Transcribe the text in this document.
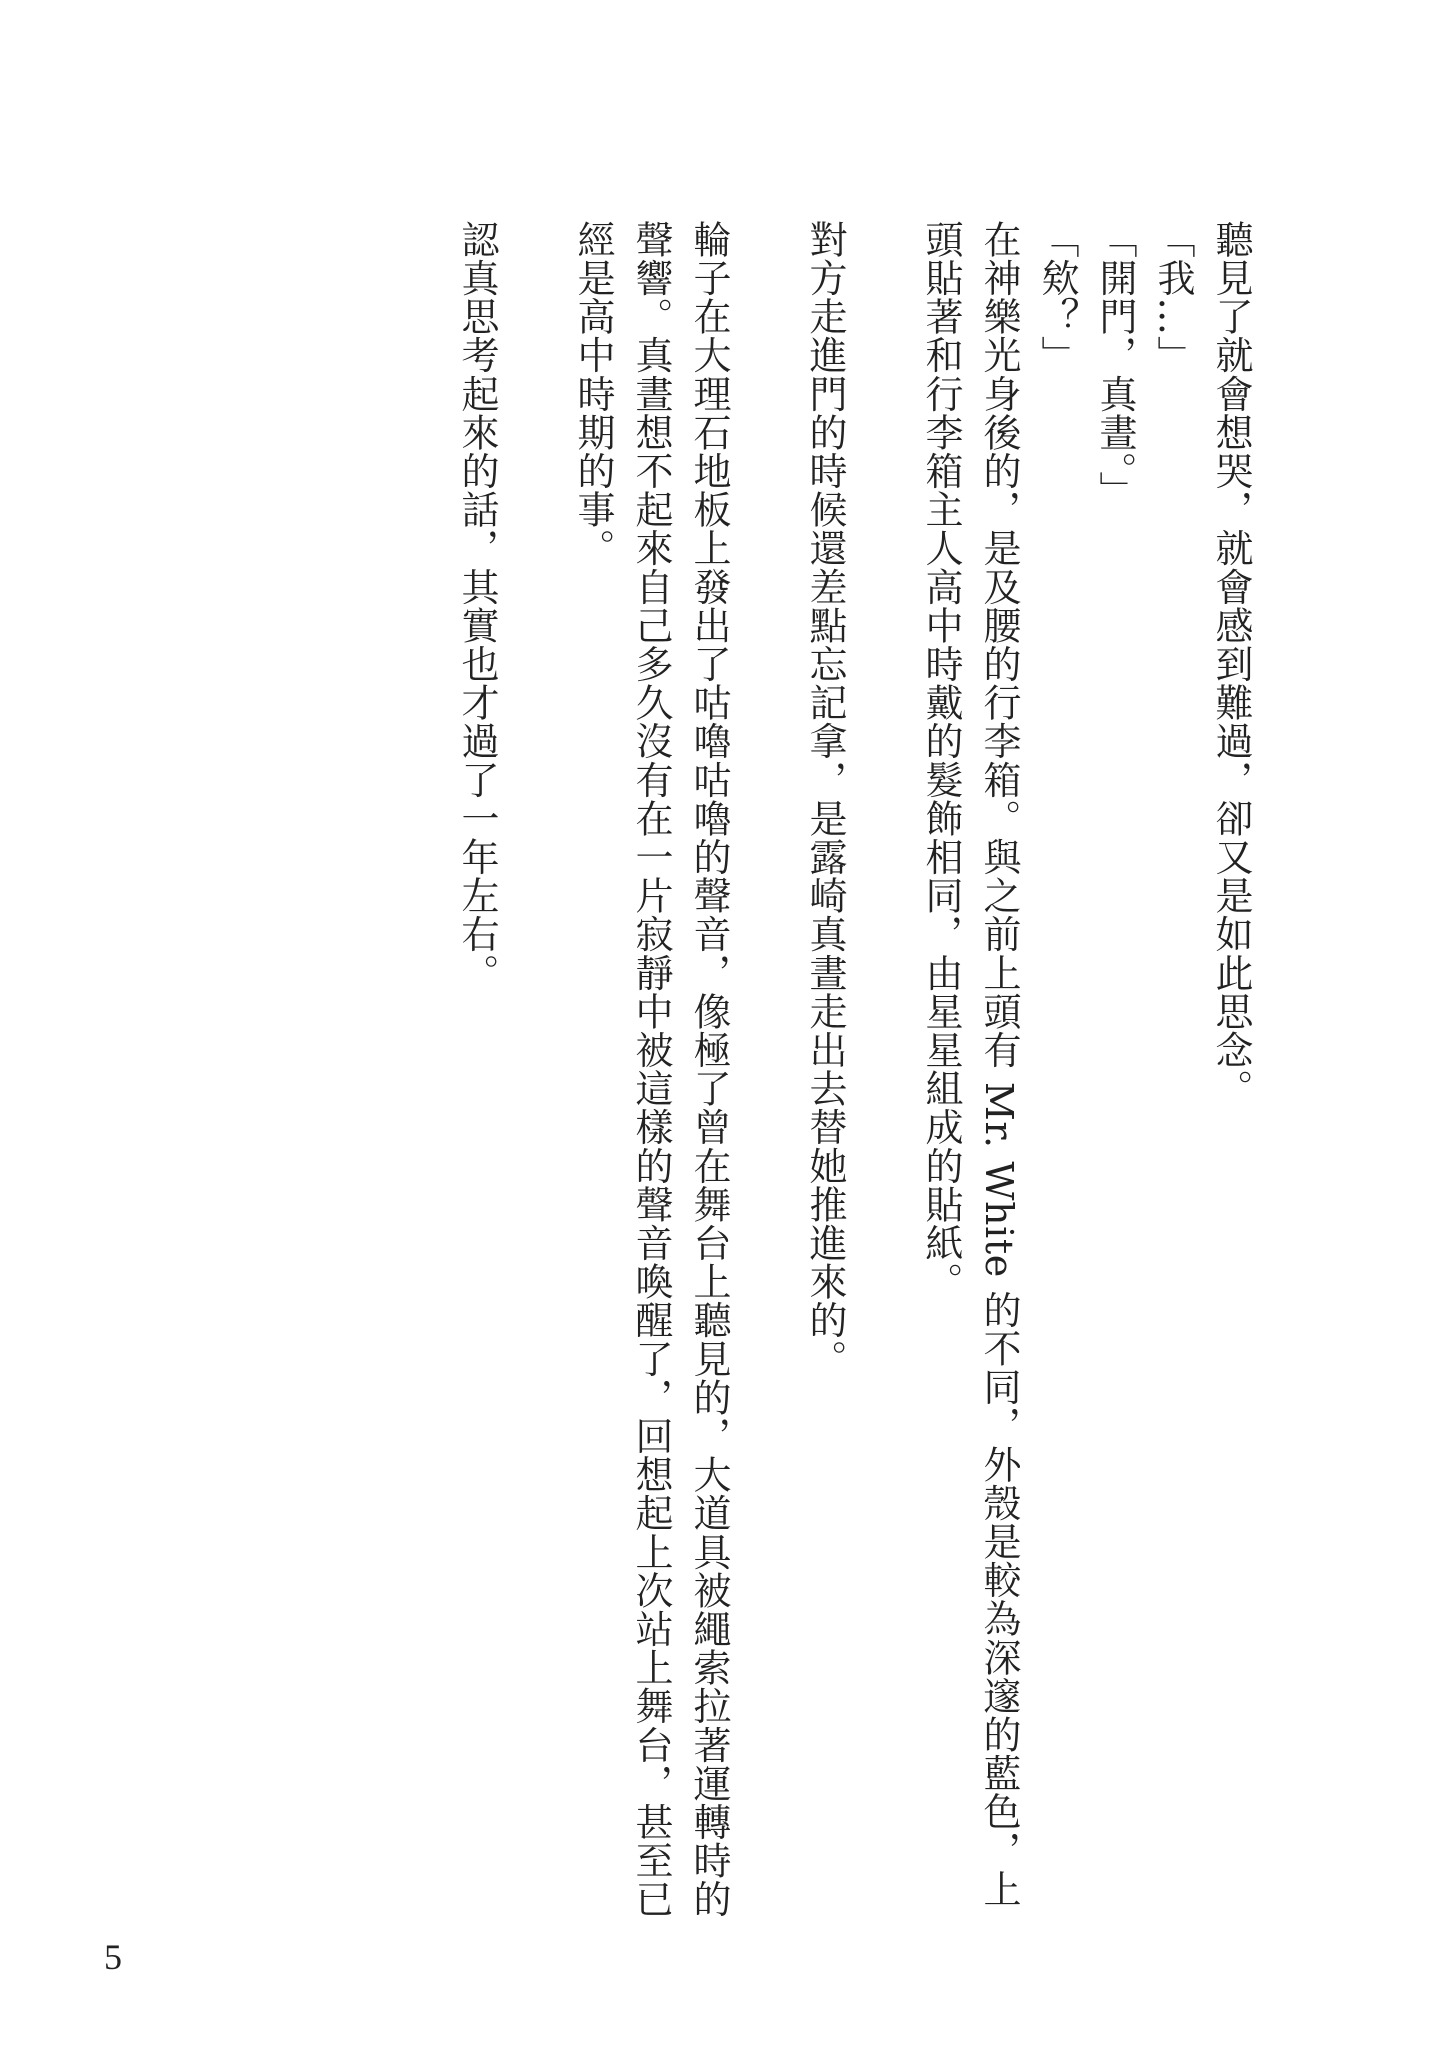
聽見了就會想哭，就會感到難過，卻又是如此思念。

「我…」

「開門，真晝。」

「欸？」

在神樂光身後的，是及腰的行李箱。與之前上頭有 Mr. White 的不同，外殼是較為深邃的藍色，上頭貼著和行李箱主人高中時戴的髮飾相同，由星星組成的貼紙。

對方走進門的時候還差點忘記拿，是露崎真晝走出去替她推進來的。

輪子在大理石地板上發出了咕嚕咕嚕的聲音，像極了曾在舞台上聽見的，大道具被繩索拉著運轉時的聲響。真晝想不起來自己多久沒有在一片寂靜中被這樣的聲音喚醒了，回想起上次站上舞台，甚至已經是高中時期的事。

認真思考起來的話，其實也才過了一年左右。

5
